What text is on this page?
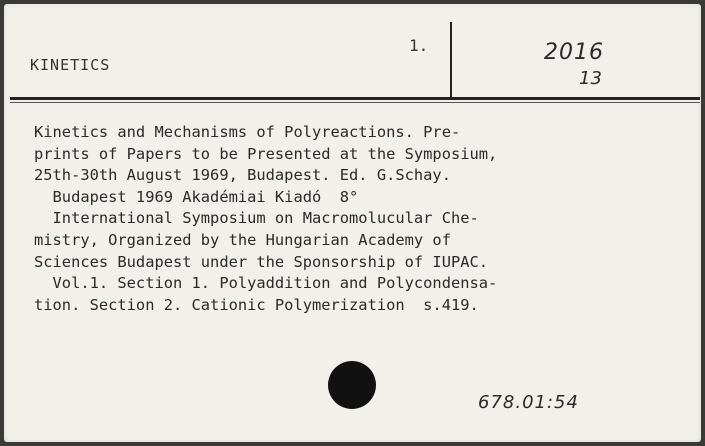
KINETICS
1.	2016
13
Kinetics and Mechanisms of Polyreactions. Pre-
prints of Papers to be Presented at the Symposium,
25th-30th August 1969, Budapest. Ed. G.Schay.
Budapest 1969 Akadémiai Kiadó  8°
International Symposium on Macromolucular Che-
mistry, Organized by the Hungarian Academy of
Sciences Budapest under the Sponsorship of IUPAC.
Vol.1. Section 1. Polyaddition and Polycondensa-
tion. Section 2. Cationic Polymerization  s.419.
678.01:54
